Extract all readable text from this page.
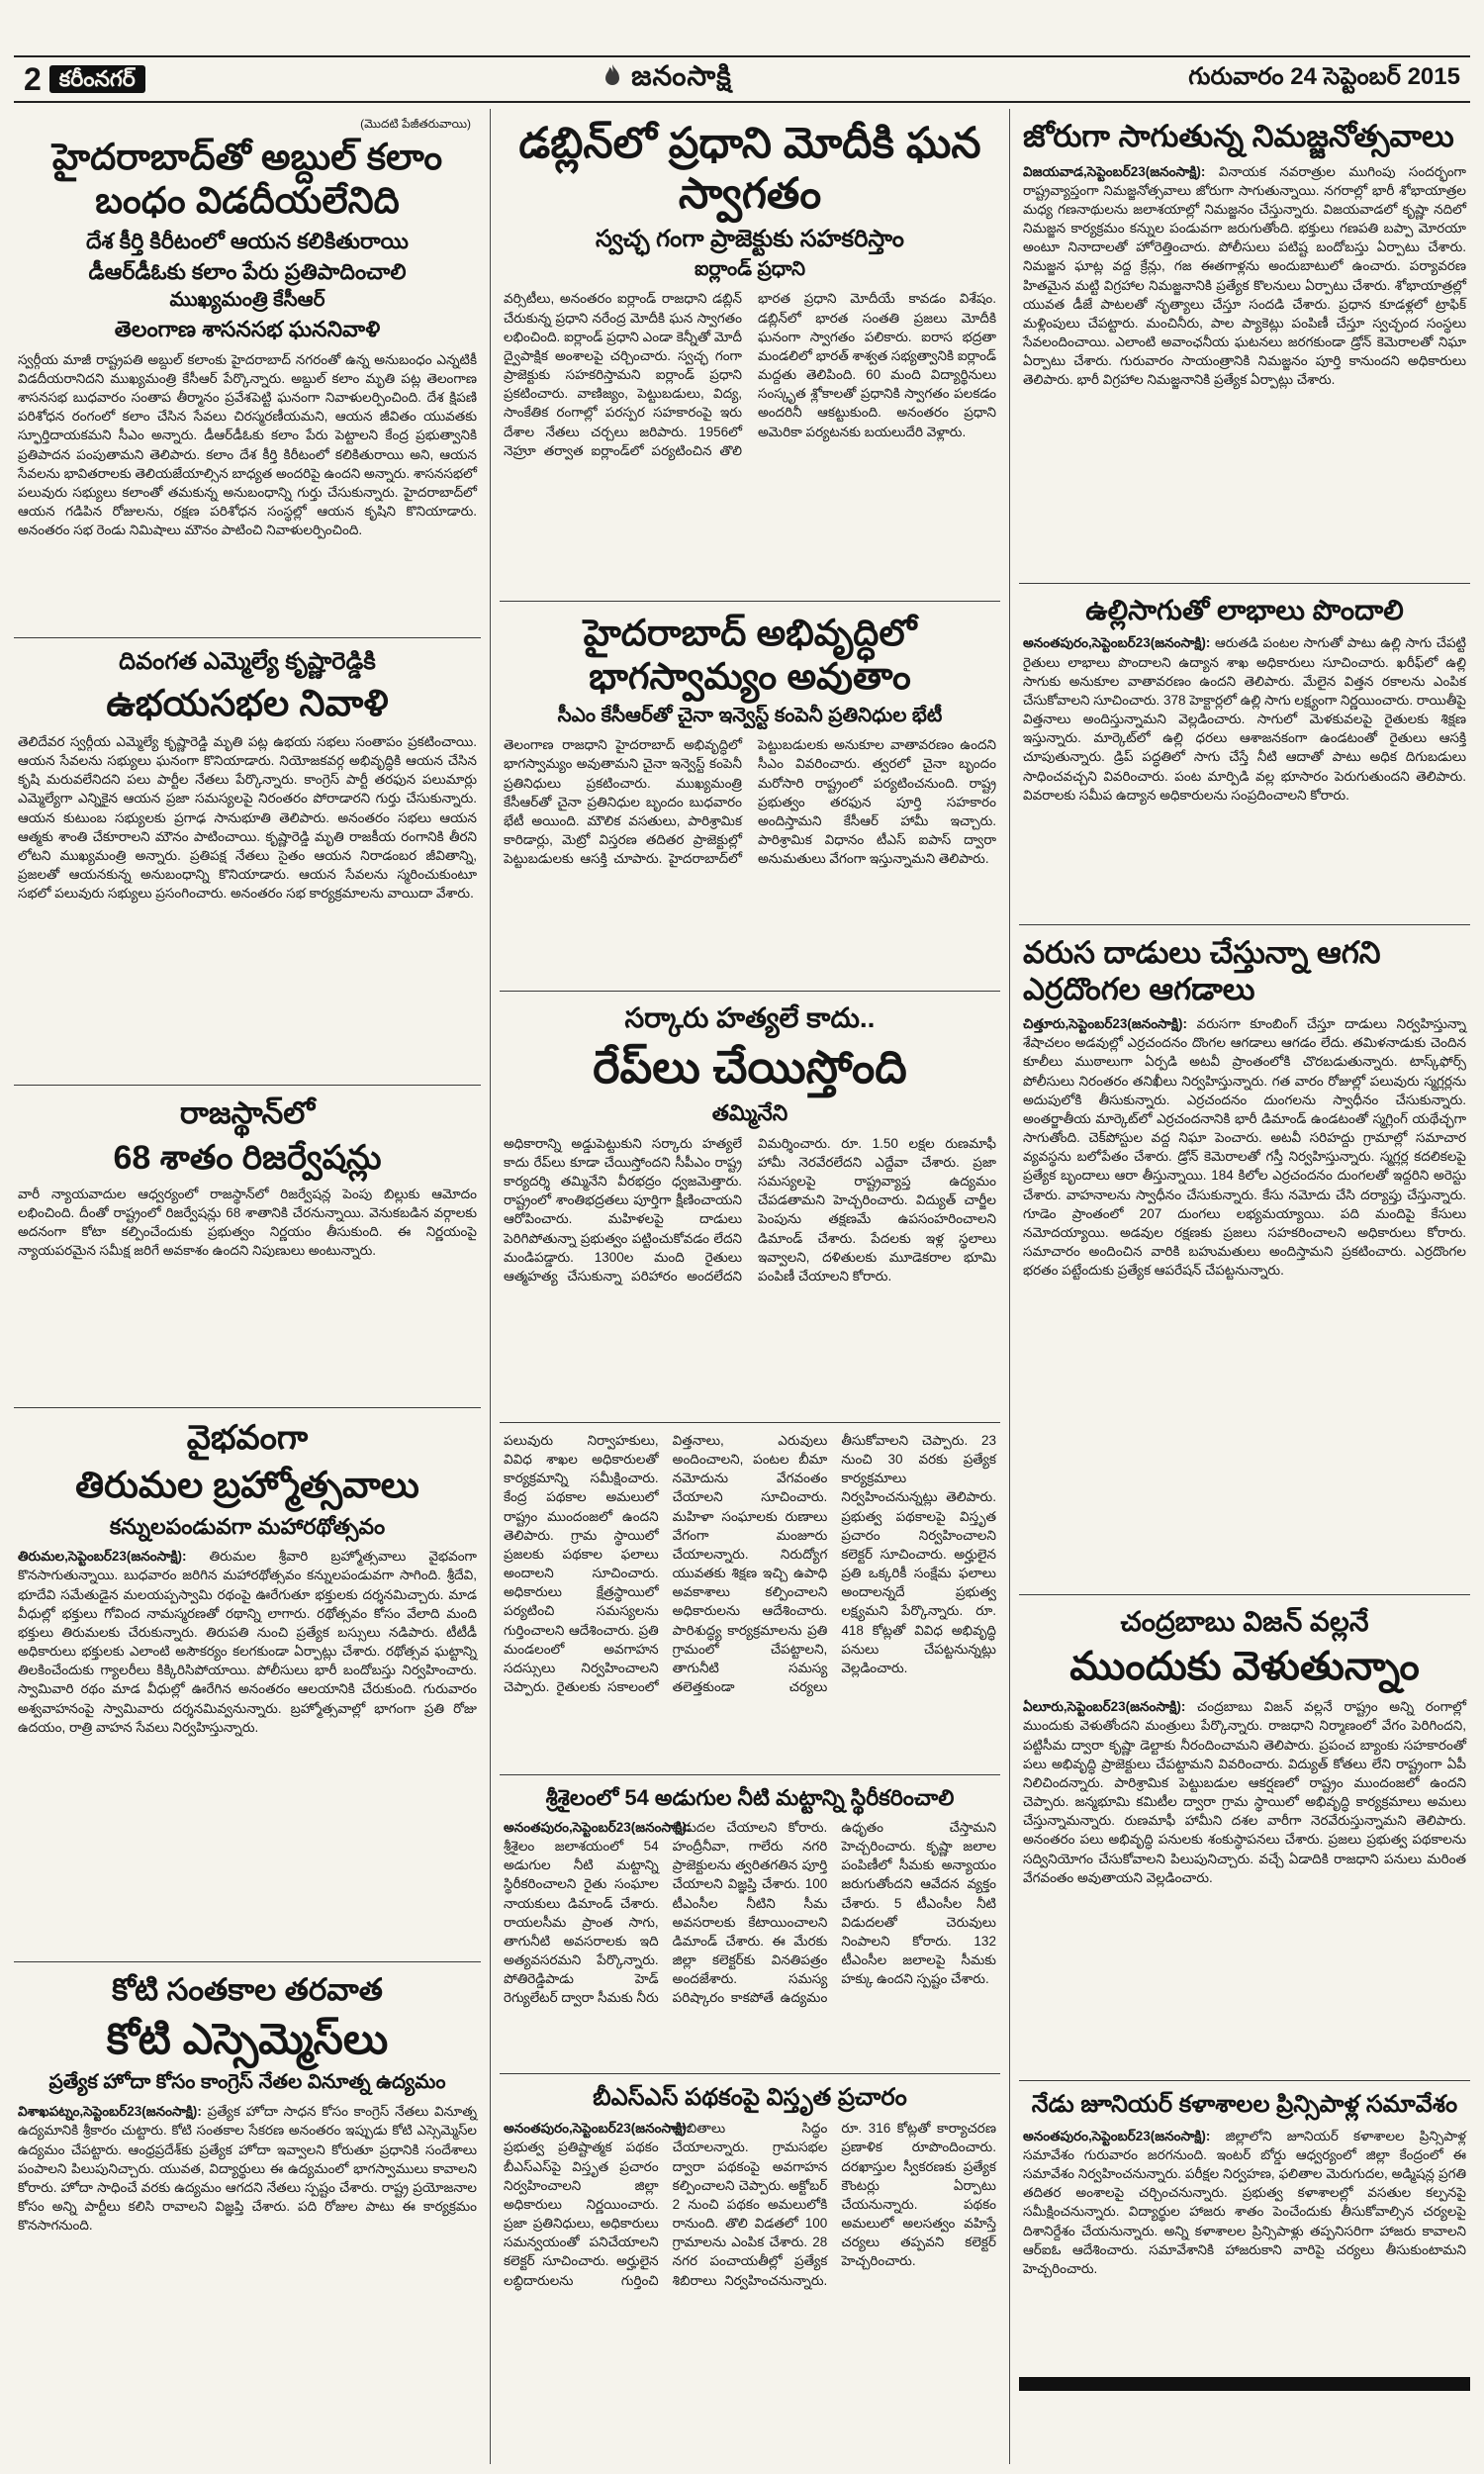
2 కరీంనగర్	జనంసాక్షి	గురువారం 24 సెప్టెంబర్ 2015
(మొదటి పేజీతరువాయి)
హైదరాబాద్‌తో అబ్దుల్ కలాం బంధం విడదీయలేనిది
దేశ కీర్తి కిరీటంలో ఆయన కలికితురాయి
డీఆర్‌డీఓకు కలాం పేరు ప్రతిపాదించాలి
ముఖ్యమంత్రి కేసీఆర్
తెలంగాణ శాసనసభ ఘననివాళి

స్వర్గీయ మాజీ రాష్ట్రపతి అబ్దుల్ కలాంకు హైదరాబాద్ నగరంతో ఉన్న అనుబంధం ఎన్నటికీ విడదీయరానిదని ముఖ్యమంత్రి కేసీఆర్ పేర్కొన్నారు. అబ్దుల్ కలాం మృతి పట్ల తెలంగాణ శాసనసభ బుధవారం సంతాప తీర్మానం ప్రవేశపెట్టి ఘనంగా నివాళులర్పించింది. దేశ క్షిపణి పరిశోధన రంగంలో కలాం చేసిన సేవలు చిరస్మరణీయమని, ఆయన జీవితం యువతకు స్ఫూర్తిదాయకమని సీఎం అన్నారు. డీఆర్‌డీఓకు కలాం పేరు పెట్టాలని కేంద్ర ప్రభుత్వానికి ప్రతిపాదన పంపుతామని తెలిపారు. కలాం దేశ కీర్తి కిరీటంలో కలికితురాయి అని, ఆయన సేవలను భావితరాలకు తెలియజేయాల్సిన బాధ్యత అందరిపై ఉందని అన్నారు. శాసనసభలో పలువురు సభ్యులు కలాంతో తమకున్న అనుబంధాన్ని గుర్తు చేసుకున్నారు. హైదరాబాద్‌లో ఆయన గడిపిన రోజులను, రక్షణ పరిశోధన సంస్థల్లో ఆయన కృషిని కొనియాడారు. అనంతరం సభ రెండు నిమిషాలు మౌనం పాటించి నివాళులర్పించింది.

దివంగత ఎమ్మెల్యే కృష్ణారెడ్డికి
ఉభయసభల నివాళి

తెలిదేవర స్వర్గీయ ఎమ్మెల్యే కృష్ణారెడ్డి మృతి పట్ల ఉభయ సభలు సంతాపం ప్రకటించాయి. ఆయన సేవలను సభ్యులు ఘనంగా కొనియాడారు. నియోజకవర్గ అభివృద్ధికి ఆయన చేసిన కృషి మరువలేనిదని పలు పార్టీల నేతలు పేర్కొన్నారు. కాంగ్రెస్ పార్టీ తరఫున పలుమార్లు ఎమ్మెల్యేగా ఎన్నికైన ఆయన ప్రజా సమస్యలపై నిరంతరం పోరాడారని గుర్తు చేసుకున్నారు. ఆయన కుటుంబ సభ్యులకు ప్రగాఢ సానుభూతి తెలిపారు. అనంతరం సభలు ఆయన ఆత్మకు శాంతి చేకూరాలని మౌనం పాటించాయి. కృష్ణారెడ్డి మృతి రాజకీయ రంగానికి తీరని లోటని ముఖ్యమంత్రి అన్నారు. ప్రతిపక్ష నేతలు సైతం ఆయన నిరాడంబర జీవితాన్ని, ప్రజలతో ఆయనకున్న అనుబంధాన్ని కొనియాడారు. ఆయన సేవలను స్మరించుకుంటూ సభలో పలువురు సభ్యులు ప్రసంగించారు. అనంతరం సభ కార్యక్రమాలను వాయిదా వేశారు.

రాజస్థాన్‌లో
68 శాతం రిజర్వేషన్లు

వారీ న్యాయవాదుల ఆధ్వర్యంలో రాజస్థాన్‌లో రిజర్వేషన్ల పెంపు బిల్లుకు ఆమోదం లభించింది. దీంతో రాష్ట్రంలో రిజర్వేషన్లు 68 శాతానికి చేరనున్నాయి. వెనుకబడిన వర్గాలకు అదనంగా కోటా కల్పించేందుకు ప్రభుత్వం నిర్ణయం తీసుకుంది. ఈ నిర్ణయంపై న్యాయపరమైన సమీక్ష జరిగే అవకాశం ఉందని నిపుణులు అంటున్నారు.

వైభవంగా
తిరుమల బ్రహ్మోత్సవాలు
కన్నులపండువగా మహారథోత్సవం

తిరుమల,సెప్టెంబర్23(జనంసాక్షి): తిరుమల శ్రీవారి బ్రహ్మోత్సవాలు వైభవంగా కొనసాగుతున్నాయి. బుధవారం జరిగిన మహారథోత్సవం కన్నులపండువగా సాగింది. శ్రీదేవి, భూదేవి సమేతుడైన మలయప్పస్వామి రథంపై ఊరేగుతూ భక్తులకు దర్శనమిచ్చారు. మాడ వీధుల్లో భక్తులు గోవింద నామస్మరణతో రథాన్ని లాగారు. రథోత్సవం కోసం వేలాది మంది భక్తులు తిరుమలకు చేరుకున్నారు. తిరుపతి నుంచి ప్రత్యేక బస్సులు నడిపారు. టీటీడీ అధికారులు భక్తులకు ఎలాంటి అసౌకర్యం కలగకుండా ఏర్పాట్లు చేశారు. రథోత్సవ ఘట్టాన్ని తిలకించేందుకు గ్యాలరీలు కిక్కిరిసిపోయాయి. పోలీసులు భారీ బందోబస్తు నిర్వహించారు. స్వామివారి రథం మాడ వీధుల్లో ఊరేగిన అనంతరం ఆలయానికి చేరుకుంది. గురువారం అశ్వవాహనంపై స్వామివారు దర్శనమివ్వనున్నారు. బ్రహ్మోత్సవాల్లో భాగంగా ప్రతి రోజు ఉదయం, రాత్రి వాహన సేవలు నిర్వహిస్తున్నారు.

కోటి సంతకాల తరవాత
కోటి ఎస్సెమ్మెస్‌లు
ప్రత్యేక హోదా కోసం కాంగ్రెస్ నేతల వినూత్న ఉద్యమం

విశాఖపట్నం,సెప్టెంబర్23(జనంసాక్షి): ప్రత్యేక హోదా సాధన కోసం కాంగ్రెస్ నేతలు వినూత్న ఉద్యమానికి శ్రీకారం చుట్టారు. కోటి సంతకాల సేకరణ అనంతరం ఇప్పుడు కోటి ఎస్సెమ్మెస్‌ల ఉద్యమం చేపట్టారు. ఆంధ్రప్రదేశ్‌కు ప్రత్యేక హోదా ఇవ్వాలని కోరుతూ ప్రధానికి సందేశాలు పంపాలని పిలుపునిచ్చారు. యువత, విద్యార్థులు ఈ ఉద్యమంలో భాగస్వాములు కావాలని కోరారు. హోదా సాధించే వరకు ఉద్యమం ఆగదని నేతలు స్పష్టం చేశారు. రాష్ట్ర ప్రయోజనాల కోసం అన్ని పార్టీలు కలిసి రావాలని విజ్ఞప్తి చేశారు. పది రోజుల పాటు ఈ కార్యక్రమం కొనసాగనుంది.

డబ్లిన్‌లో ప్రధాని మోదీకి ఘన స్వాగతం
స్వచ్ఛ గంగా ప్రాజెక్టుకు సహకరిస్తాం
ఐర్లాండ్ ప్రధాని

వర్సిటీలు, అనంతరం ఐర్లాండ్ రాజధాని డబ్లిన్ చేరుకున్న ప్రధాని నరేంద్ర మోదీకి ఘన స్వాగతం లభించింది. ఐర్లాండ్ ప్రధాని ఎండా కెన్నీతో మోదీ ద్వైపాక్షిక అంశాలపై చర్చించారు. స్వచ్ఛ గంగా ప్రాజెక్టుకు సహకరిస్తామని ఐర్లాండ్ ప్రధాని ప్రకటించారు. వాణిజ్యం, పెట్టుబడులు, విద్య, సాంకేతిక రంగాల్లో పరస్పర సహకారంపై ఇరు దేశాల నేతలు చర్చలు జరిపారు. 1956లో నెహ్రూ తర్వాత ఐర్లాండ్‌లో పర్యటించిన తొలి భారత ప్రధాని మోదీయే కావడం విశేషం. డబ్లిన్‌లో భారత సంతతి ప్రజలు మోదీకి ఘనంగా స్వాగతం పలికారు. ఐరాస భద్రతా మండలిలో భారత్ శాశ్వత సభ్యత్వానికి ఐర్లాండ్ మద్దతు తెలిపింది. 60 మంది విద్యార్థినులు సంస్కృత శ్లోకాలతో ప్రధానికి స్వాగతం పలకడం అందరినీ ఆకట్టుకుంది. అనంతరం ప్రధాని అమెరికా పర్యటనకు బయలుదేరి వెళ్లారు.

హైదరాబాద్ అభివృద్ధిలో భాగస్వామ్యం అవుతాం
సీఎం కేసీఆర్‌తో చైనా ఇన్వెస్ట్ కంపెనీ ప్రతినిధుల భేటీ

తెలంగాణ రాజధాని హైదరాబాద్ అభివృద్ధిలో భాగస్వామ్యం అవుతామని చైనా ఇన్వెస్ట్ కంపెనీ ప్రతినిధులు ప్రకటించారు. ముఖ్యమంత్రి కేసీఆర్‌తో చైనా ప్రతినిధుల బృందం బుధవారం భేటీ అయింది. మౌలిక వసతులు, పారిశ్రామిక కారిడార్లు, మెట్రో విస్తరణ తదితర ప్రాజెక్టుల్లో పెట్టుబడులకు ఆసక్తి చూపారు. హైదరాబాద్‌లో పెట్టుబడులకు అనుకూల వాతావరణం ఉందని సీఎం వివరించారు. త్వరలో చైనా బృందం మరోసారి రాష్ట్రంలో పర్యటించనుంది. రాష్ట్ర ప్రభుత్వం తరఫున పూర్తి సహకారం అందిస్తామని కేసీఆర్ హామీ ఇచ్చారు. పారిశ్రామిక విధానం టీఎస్ ఐపాస్ ద్వారా అనుమతులు వేగంగా ఇస్తున్నామని తెలిపారు.

సర్కారు హత్యలే కాదు..
రేప్‌లు చేయిస్తోంది
తమ్మినేని

అధికారాన్ని అడ్డుపెట్టుకుని సర్కారు హత్యలే కాదు రేప్‌లు కూడా చేయిస్తోందని సీపీఎం రాష్ట్ర కార్యదర్శి తమ్మినేని వీరభద్రం ధ్వజమెత్తారు. రాష్ట్రంలో శాంతిభద్రతలు పూర్తిగా క్షీణించాయని ఆరోపించారు. మహిళలపై దాడులు పెరిగిపోతున్నా ప్రభుత్వం పట్టించుకోవడం లేదని మండిపడ్డారు. 1300ల మంది రైతులు ఆత్మహత్య చేసుకున్నా పరిహారం అందలేదని విమర్శించారు. రూ. 1.50 లక్షల రుణమాఫీ హామీ నెరవేరలేదని ఎద్దేవా చేశారు. ప్రజా సమస్యలపై రాష్ట్రవ్యాప్త ఉద్యమం చేపడతామని హెచ్చరించారు. విద్యుత్ చార్జీల పెంపును తక్షణమే ఉపసంహరించాలని డిమాండ్ చేశారు. పేదలకు ఇళ్ల స్థలాలు ఇవ్వాలని, దళితులకు మూడెకరాల భూమి పంపిణీ చేయాలని కోరారు.

పలువురు నిర్వాహకులు, వివిధ శాఖల అధికారులతో కార్యక్రమాన్ని సమీక్షించారు. కేంద్ర పథకాల అమలులో రాష్ట్రం ముందంజలో ఉందని తెలిపారు. గ్రామ స్థాయిలో ప్రజలకు పథకాల ఫలాలు అందాలని సూచించారు. అధికారులు క్షేత్రస్థాయిలో పర్యటించి సమస్యలను గుర్తించాలని ఆదేశించారు. ప్రతి మండలంలో అవగాహన సదస్సులు నిర్వహించాలని చెప్పారు. రైతులకు సకాలంలో విత్తనాలు, ఎరువులు అందించాలని, పంటల బీమా నమోదును వేగవంతం చేయాలని సూచించారు. మహిళా సంఘాలకు రుణాలు వేగంగా మంజూరు చేయాలన్నారు. నిరుద్యోగ యువతకు శిక్షణ ఇచ్చి ఉపాధి అవకాశాలు కల్పించాలని అధికారులను ఆదేశించారు. పారిశుద్ధ్య కార్యక్రమాలను ప్రతి గ్రామంలో చేపట్టాలని, తాగునీటి సమస్య తలెత్తకుండా చర్యలు తీసుకోవాలని చెప్పారు. 23 నుంచి 30 వరకు ప్రత్యేక కార్యక్రమాలు నిర్వహించనున్నట్లు తెలిపారు. ప్రభుత్వ పథకాలపై విస్తృత ప్రచారం నిర్వహించాలని కలెక్టర్ సూచించారు. అర్హులైన ప్రతి ఒక్కరికీ సంక్షేమ ఫలాలు అందాలన్నదే ప్రభుత్వ లక్ష్యమని పేర్కొన్నారు. రూ. 418 కోట్లతో వివిధ అభివృద్ధి పనులు చేపట్టనున్నట్లు వెల్లడించారు.

శ్రీశైలంలో 54 అడుగుల నీటి మట్టాన్ని స్థిరీకరించాలి

అనంతపురం,సెప్టెంబర్23(జనంసాక్షి): శ్రీశైలం జలాశయంలో 54 అడుగుల నీటి మట్టాన్ని స్థిరీకరించాలని రైతు సంఘాల నాయకులు డిమాండ్ చేశారు. రాయలసీమ ప్రాంత సాగు, తాగునీటి అవసరాలకు ఇది అత్యవసరమని పేర్కొన్నారు. పోతిరెడ్డిపాడు హెడ్ రెగ్యులేటర్ ద్వారా సీమకు నీరు విడుదల చేయాలని కోరారు. హంద్రీనీవా, గాలేరు నగరి ప్రాజెక్టులను త్వరితగతిన పూర్తి చేయాలని విజ్ఞప్తి చేశారు. 100 టీఎంసీల నీటిని సీమ అవసరాలకు కేటాయించాలని డిమాండ్ చేశారు. ఈ మేరకు జిల్లా కలెక్టర్‌కు వినతిపత్రం అందజేశారు. సమస్య పరిష్కారం కాకపోతే ఉద్యమం ఉధృతం చేస్తామని హెచ్చరించారు. కృష్ణా జలాల పంపిణీలో సీమకు అన్యాయం జరుగుతోందని ఆవేదన వ్యక్తం చేశారు. 5 టీఎంసీల నీటి విడుదలతో చెరువులు నింపాలని కోరారు. 132 టీఎంసీల జలాలపై సీమకు హక్కు ఉందని స్పష్టం చేశారు.

బీఎస్ఎస్ పథకంపై విస్తృత ప్రచారం

అనంతపురం,సెప్టెంబర్23(జనంసాక్షి): ప్రభుత్వ ప్రతిష్టాత్మక పథకం బీఎస్ఎస్‌పై విస్తృత ప్రచారం నిర్వహించాలని జిల్లా అధికారులు నిర్ణయించారు. ప్రజా ప్రతినిధులు, అధికారులు సమన్వయంతో పనిచేయాలని కలెక్టర్ సూచించారు. అర్హులైన లబ్ధిదారులను గుర్తించి జాబితాలు సిద్ధం చేయాలన్నారు. గ్రామసభల ద్వారా పథకంపై అవగాహన కల్పించాలని చెప్పారు. అక్టోబర్ 2 నుంచి పథకం అమలులోకి రానుంది. తొలి విడతలో 100 గ్రామాలను ఎంపిక చేశారు. 28 నగర పంచాయతీల్లో ప్రత్యేక శిబిరాలు నిర్వహించనున్నారు. రూ. 316 కోట్లతో కార్యాచరణ ప్రణాళిక రూపొందించారు. దరఖాస్తుల స్వీకరణకు ప్రత్యేక కౌంటర్లు ఏర్పాటు చేయనున్నారు. పథకం అమలులో అలసత్వం వహిస్తే చర్యలు తప్పవని కలెక్టర్ హెచ్చరించారు.

జోరుగా సాగుతున్న నిమజ్జనోత్సవాలు

విజయవాడ,సెప్టెంబర్23(జనంసాక్షి): వినాయక నవరాత్రుల ముగింపు సందర్భంగా రాష్ట్రవ్యాప్తంగా నిమజ్జనోత్సవాలు జోరుగా సాగుతున్నాయి. నగరాల్లో భారీ శోభాయాత్రల మధ్య గణనాథులను జలాశయాల్లో నిమజ్జనం చేస్తున్నారు. విజయవాడలో కృష్ణా నదిలో నిమజ్జన కార్యక్రమం కన్నుల పండువగా జరుగుతోంది. భక్తులు గణపతి బప్పా మోరయా అంటూ నినాదాలతో హోరెత్తించారు. పోలీసులు పటిష్ట బందోబస్తు ఏర్పాటు చేశారు. నిమజ్జన ఘాట్ల వద్ద క్రేన్లు, గజ ఈతగాళ్లను అందుబాటులో ఉంచారు. పర్యావరణ హితమైన మట్టి విగ్రహాల నిమజ్జనానికి ప్రత్యేక కొలనులు ఏర్పాటు చేశారు. శోభాయాత్రల్లో యువత డీజే పాటలతో నృత్యాలు చేస్తూ సందడి చేశారు. ప్రధాన కూడళ్లలో ట్రాఫిక్ మళ్లింపులు చేపట్టారు. మంచినీరు, పాల ప్యాకెట్లు పంపిణీ చేస్తూ స్వచ్ఛంద సంస్థలు సేవలందించాయి. ఎలాంటి అవాంఛనీయ ఘటనలు జరగకుండా డ్రోన్ కెమెరాలతో నిఘా ఏర్పాటు చేశారు. గురువారం సాయంత్రానికి నిమజ్జనం పూర్తి కానుందని అధికారులు తెలిపారు. భారీ విగ్రహాల నిమజ్జనానికి ప్రత్యేక ఏర్పాట్లు చేశారు.

ఉల్లిసాగుతో లాభాలు పొందాలి

అనంతపురం,సెప్టెంబర్23(జనంసాక్షి): ఆరుతడి పంటల సాగుతో పాటు ఉల్లి సాగు చేపట్టి రైతులు లాభాలు పొందాలని ఉద్యాన శాఖ అధికారులు సూచించారు. ఖరీఫ్‌లో ఉల్లి సాగుకు అనుకూల వాతావరణం ఉందని తెలిపారు. మేలైన విత్తన రకాలను ఎంపిక చేసుకోవాలని సూచించారు. 378 హెక్టార్లలో ఉల్లి సాగు లక్ష్యంగా నిర్ణయించారు. రాయితీపై విత్తనాలు అందిస్తున్నామని వెల్లడించారు. సాగులో మెళకువలపై రైతులకు శిక్షణ ఇస్తున్నారు. మార్కెట్‌లో ఉల్లి ధరలు ఆశాజనకంగా ఉండటంతో రైతులు ఆసక్తి చూపుతున్నారు. డ్రిప్ పద్ధతిలో సాగు చేస్తే నీటి ఆదాతో పాటు అధిక దిగుబడులు సాధించవచ్చని వివరించారు. పంట మార్పిడి వల్ల భూసారం పెరుగుతుందని తెలిపారు. వివరాలకు సమీప ఉద్యాన అధికారులను సంప్రదించాలని కోరారు.

వరుస దాడులు చేస్తున్నా ఆగని ఎర్రదొంగల ఆగడాలు

చిత్తూరు,సెప్టెంబర్23(జనంసాక్షి): వరుసగా కూంబింగ్ చేస్తూ దాడులు నిర్వహిస్తున్నా శేషాచలం అడవుల్లో ఎర్రచందనం దొంగల ఆగడాలు ఆగడం లేదు. తమిళనాడుకు చెందిన కూలీలు ముఠాలుగా ఏర్పడి అటవీ ప్రాంతంలోకి చొరబడుతున్నారు. టాస్క్‌ఫోర్స్ పోలీసులు నిరంతరం తనిఖీలు నిర్వహిస్తున్నారు. గత వారం రోజుల్లో పలువురు స్మగ్లర్లను అదుపులోకి తీసుకున్నారు. ఎర్రచందనం దుంగలను స్వాధీనం చేసుకున్నారు. అంతర్జాతీయ మార్కెట్‌లో ఎర్రచందనానికి భారీ డిమాండ్ ఉండటంతో స్మగ్లింగ్ యథేచ్ఛగా సాగుతోంది. చెక్‌పోస్టుల వద్ద నిఘా పెంచారు. అటవీ సరిహద్దు గ్రామాల్లో సమాచార వ్యవస్థను బలోపేతం చేశారు. డ్రోన్ కెమెరాలతో గస్తీ నిర్వహిస్తున్నారు. స్మగ్లర్ల కదలికలపై ప్రత్యేక బృందాలు ఆరా తీస్తున్నాయి. 184 కిలోల ఎర్రచందనం దుంగలతో ఇద్దరిని అరెస్టు చేశారు. వాహనాలను స్వాధీనం చేసుకున్నారు. కేసు నమోదు చేసి దర్యాప్తు చేస్తున్నారు. గూడెం ప్రాంతంలో 207 దుంగలు లభ్యమయ్యాయి. పది మందిపై కేసులు నమోదయ్యాయి. అడవుల రక్షణకు ప్రజలు సహకరించాలని అధికారులు కోరారు. సమాచారం అందించిన వారికి బహుమతులు అందిస్తామని ప్రకటించారు. ఎర్రదొంగల భరతం పట్టేందుకు ప్రత్యేక ఆపరేషన్ చేపట్టనున్నారు.

చంద్రబాబు విజన్ వల్లనే
ముందుకు వెళుతున్నాం

ఏలూరు,సెప్టెంబర్23(జనంసాక్షి): చంద్రబాబు విజన్ వల్లనే రాష్ట్రం అన్ని రంగాల్లో ముందుకు వెళుతోందని మంత్రులు పేర్కొన్నారు. రాజధాని నిర్మాణంలో వేగం పెరిగిందని, పట్టిసీమ ద్వారా కృష్ణా డెల్టాకు నీరందించామని తెలిపారు. ప్రపంచ బ్యాంకు సహకారంతో పలు అభివృద్ధి ప్రాజెక్టులు చేపట్టామని వివరించారు. విద్యుత్ కోతలు లేని రాష్ట్రంగా ఏపీ నిలిచిందన్నారు. పారిశ్రామిక పెట్టుబడుల ఆకర్షణలో రాష్ట్రం ముందంజలో ఉందని చెప్పారు. జన్మభూమి కమిటీల ద్వారా గ్రామ స్థాయిలో అభివృద్ధి కార్యక్రమాలు అమలు చేస్తున్నామన్నారు. రుణమాఫీ హామీని దశల వారీగా నెరవేరుస్తున్నామని తెలిపారు. అనంతరం పలు అభివృద్ధి పనులకు శంకుస్థాపనలు చేశారు. ప్రజలు ప్రభుత్వ పథకాలను సద్వినియోగం చేసుకోవాలని పిలుపునిచ్చారు. వచ్చే ఏడాదికి రాజధాని పనులు మరింత వేగవంతం అవుతాయని వెల్లడించారు.

నేడు జూనియర్ కళాశాలల ప్రిన్సిపాళ్ల సమావేశం

అనంతపురం,సెప్టెంబర్23(జనంసాక్షి): జిల్లాలోని జూనియర్ కళాశాలల ప్రిన్సిపాళ్ల సమావేశం గురువారం జరగనుంది. ఇంటర్ బోర్డు ఆధ్వర్యంలో జిల్లా కేంద్రంలో ఈ సమావేశం నిర్వహించనున్నారు. పరీక్షల నిర్వహణ, ఫలితాల మెరుగుదల, అడ్మిషన్ల ప్రగతి తదితర అంశాలపై చర్చించనున్నారు. ప్రభుత్వ కళాశాలల్లో వసతుల కల్పనపై సమీక్షించనున్నారు. విద్యార్థుల హాజరు శాతం పెంచేందుకు తీసుకోవాల్సిన చర్యలపై దిశానిర్దేశం చేయనున్నారు. అన్ని కళాశాలల ప్రిన్సిపాళ్లు తప్పనిసరిగా హాజరు కావాలని ఆర్‌ఐఓ ఆదేశించారు. సమావేశానికి హాజరుకాని వారిపై చర్యలు తీసుకుంటామని హెచ్చరించారు.
